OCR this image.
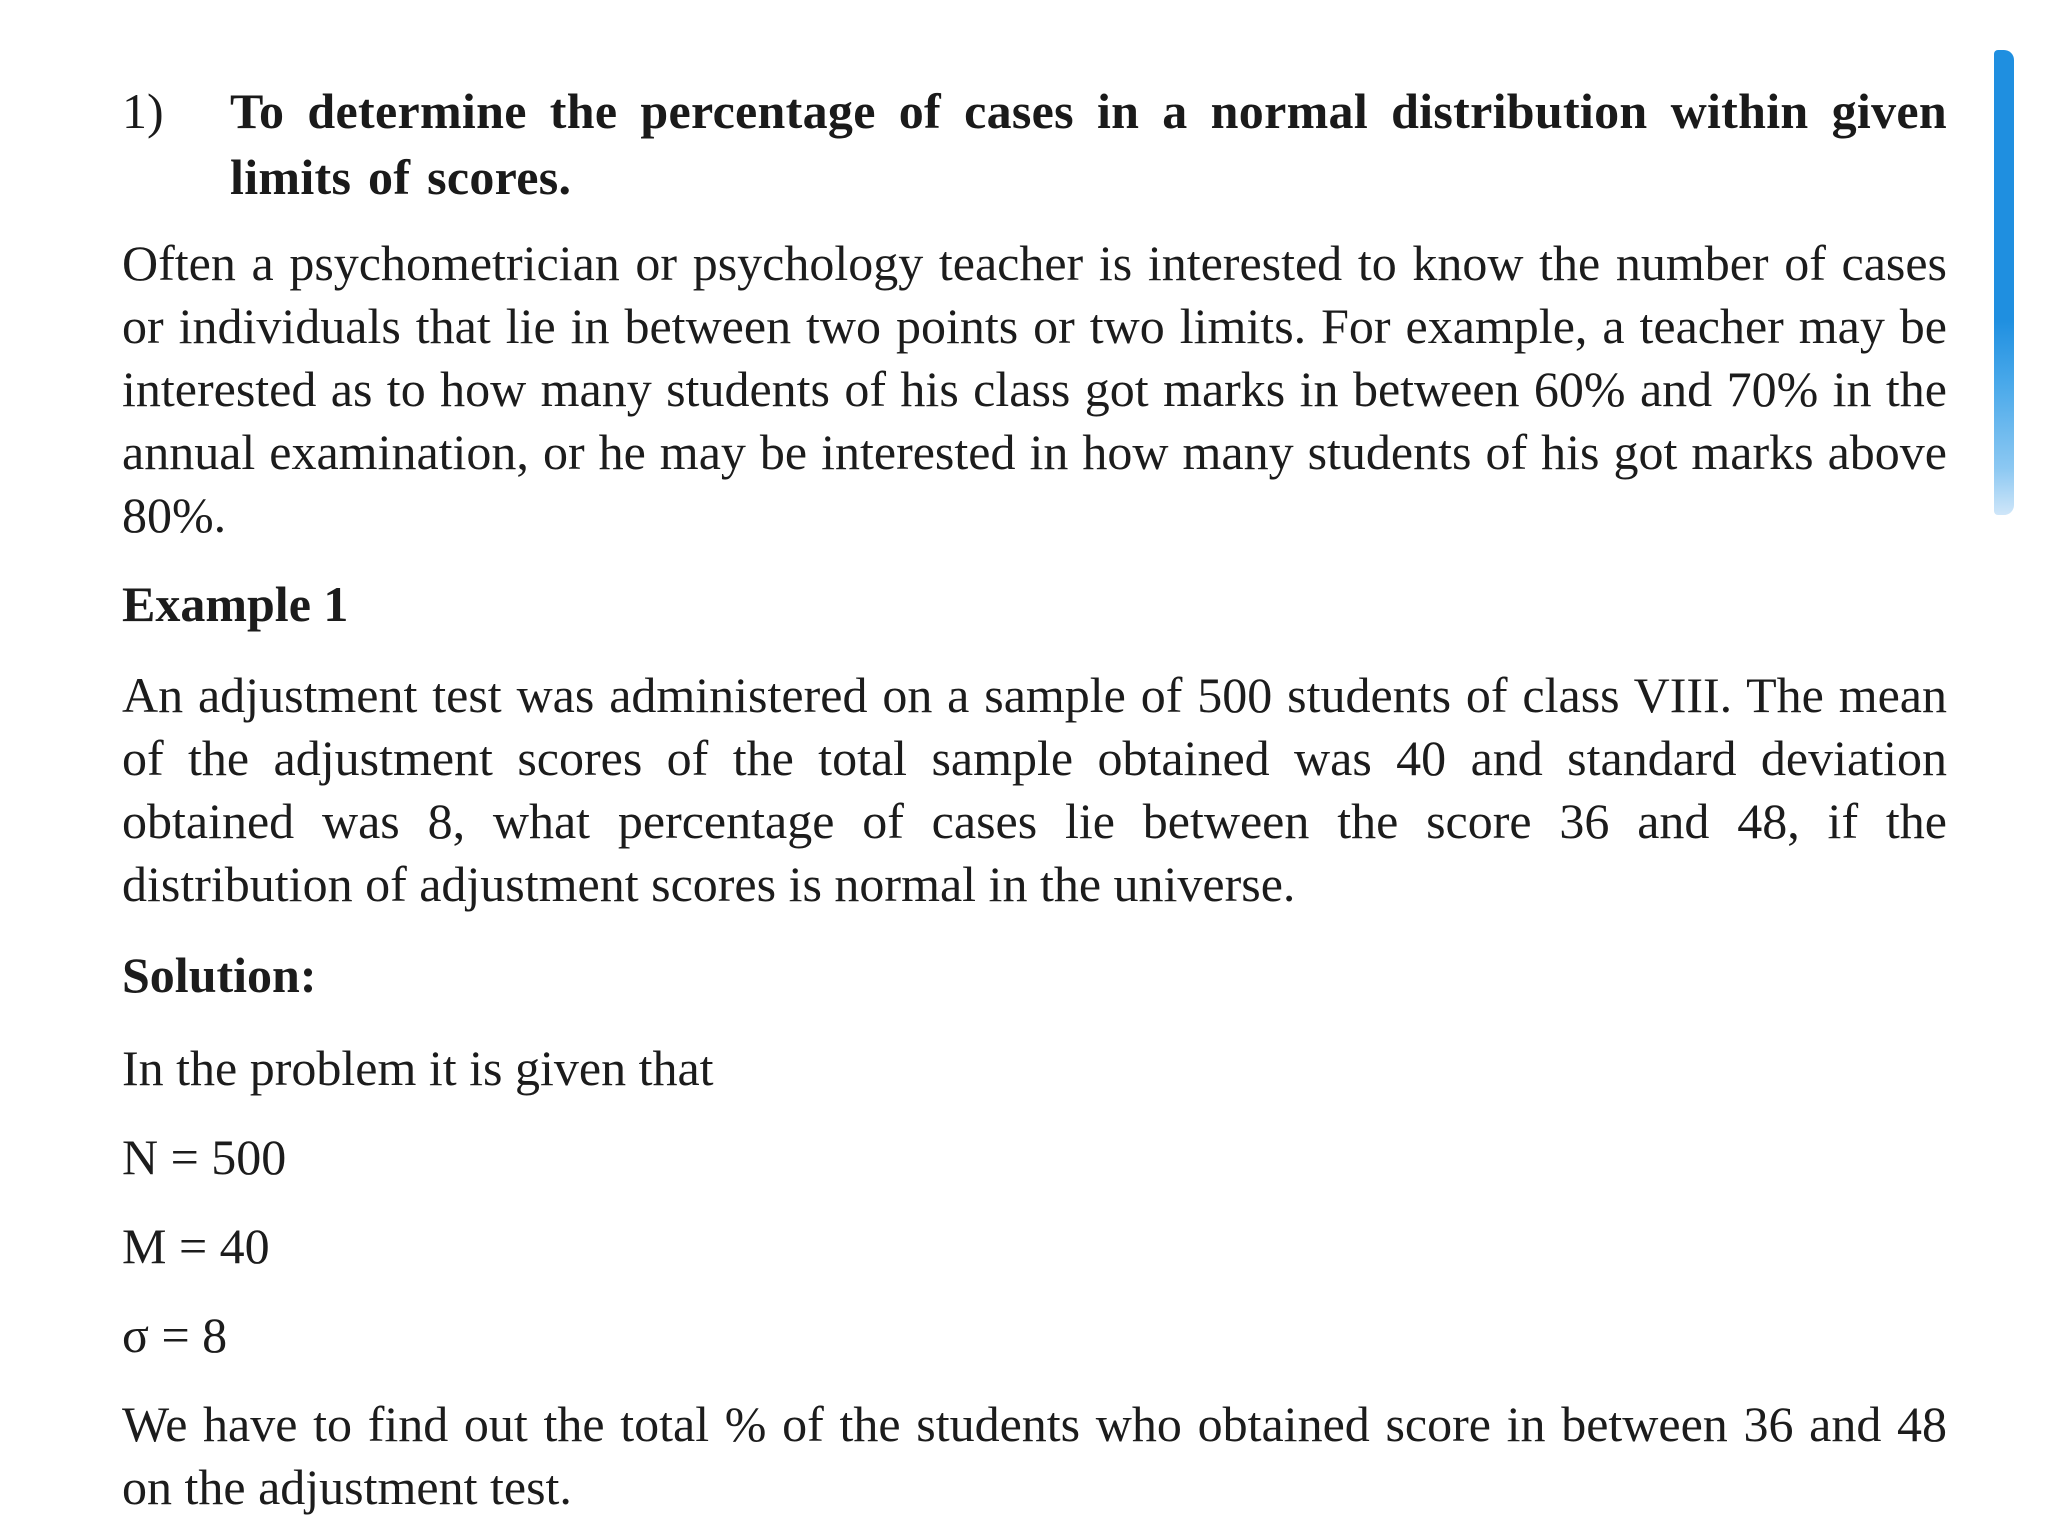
1)	To determine the percentage of cases in a normal distribution within given limits of scores.

Often a psychometrician or psychology teacher is interested to know the number of cases or individuals that lie in between two points or two limits. For example, a teacher may be interested as to how many students of his class got marks in between 60% and 70% in the annual examination, or he may be interested in how many students of his got marks above 80%.

Example 1

An adjustment test was administered on a sample of 500 students of class VIII. The mean of the adjustment scores of the total sample obtained was 40 and standard deviation obtained was 8, what percentage of cases lie between the score 36 and 48, if the distribution of adjustment scores is normal in the universe.

Solution:

In the problem it is given that

N = 500

M = 40

σ = 8

We have to find out the total % of the students who obtained score in between 36 and 48 on the adjustment test.
